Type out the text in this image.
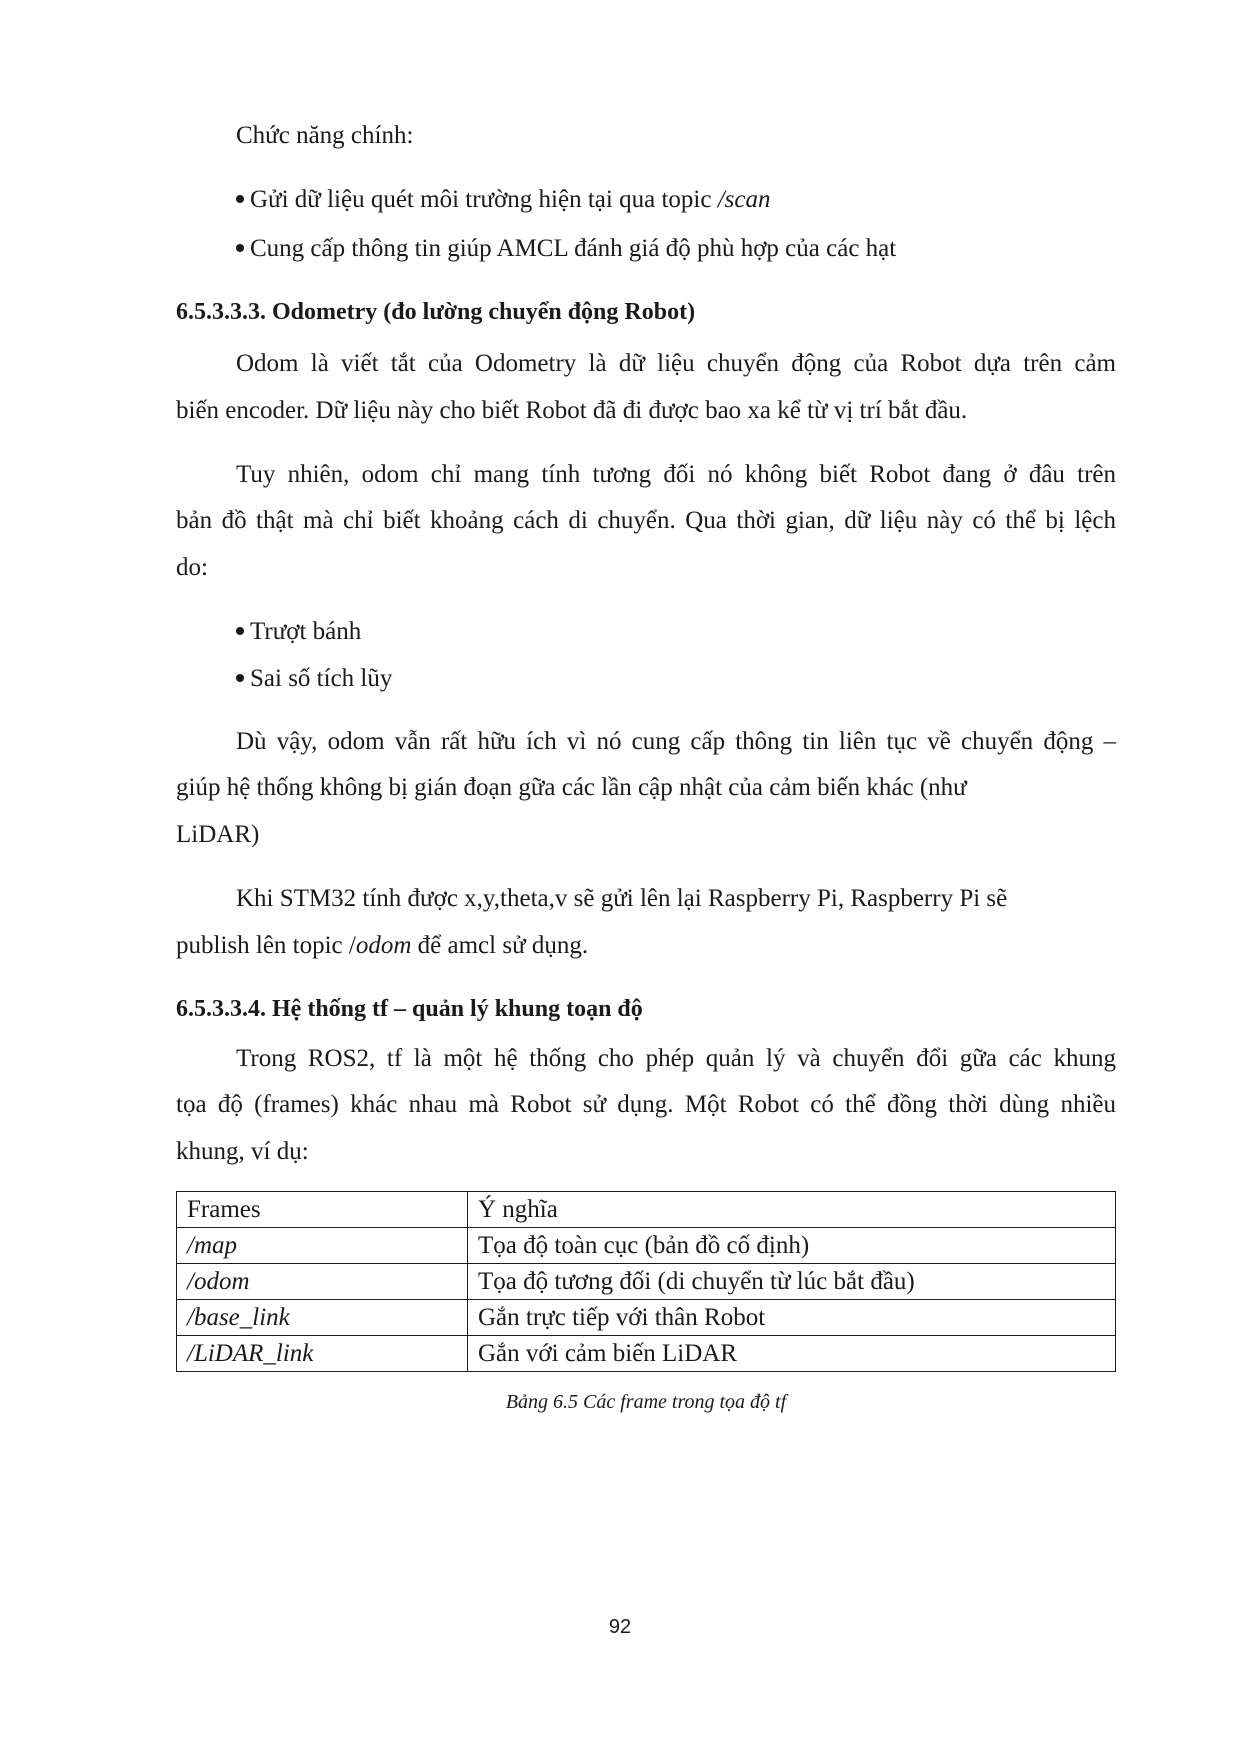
Chức năng chính:
Gửi dữ liệu quét môi trường hiện tại qua topic /scan
Cung cấp thông tin giúp AMCL đánh giá độ phù hợp của các hạt
6.5.3.3.3. Odometry (đo lường chuyển động Robot)
Odom là viết tắt của Odometry là dữ liệu chuyển động của Robot dựa trên cảm
biến encoder. Dữ liệu này cho biết Robot đã đi được bao xa kể từ vị trí bắt đầu.
Tuy nhiên, odom chỉ mang tính tương đối nó không biết Robot đang ở đâu trên
bản đồ thật mà chỉ biết khoảng cách di chuyển. Qua thời gian, dữ liệu này có thể bị lệch
do:
Trượt bánh
Sai số tích lũy
Dù vậy, odom vẫn rất hữu ích vì nó cung cấp thông tin liên tục về chuyển động –
giúp hệ thống không bị gián đoạn gữa các lần cập nhật của cảm biến khác (như
LiDAR)
Khi STM32 tính được x,y,theta,v sẽ gửi lên lại Raspberry Pi, Raspberry Pi sẽ
publish lên topic /odom để amcl sử dụng.
6.5.3.3.4. Hệ thống tf – quản lý khung toạn độ
Trong ROS2, tf là một hệ thống cho phép quản lý và chuyển đổi gữa các khung
tọa độ (frames) khác nhau mà Robot sử dụng. Một Robot có thể đồng thời dùng nhiều
khung, ví dụ:
Frames	Ý nghĩa
/map	Tọa độ toàn cục (bản đồ cố định)
/odom	Tọa độ tương đối (di chuyển từ lúc bắt đầu)
/base_link	Gắn trực tiếp với thân Robot
/LiDAR_link	Gắn với cảm biến LiDAR
Bảng 6.5 Các frame trong tọa độ tf
92
